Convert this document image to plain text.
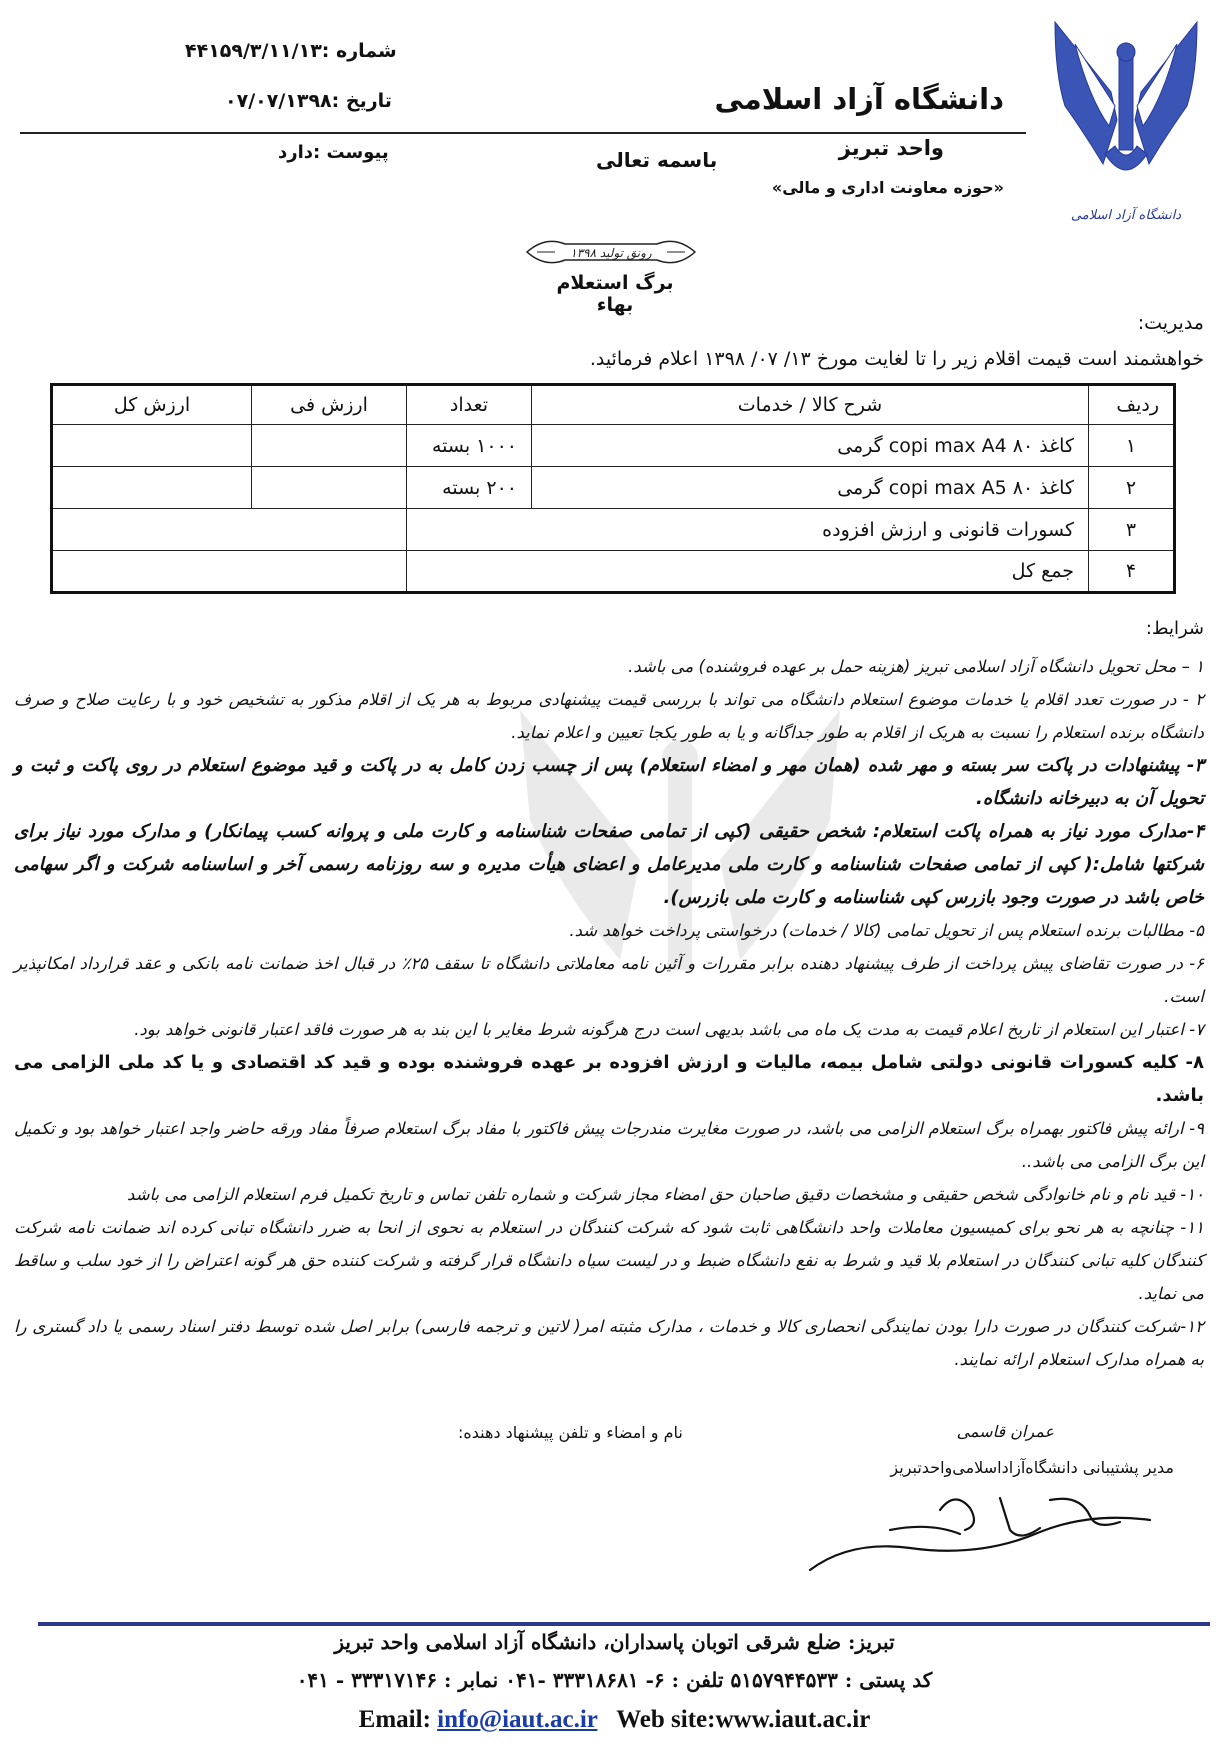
دانشگاه آزاد اسلامی
دانشگاه آزاد اسلامی
واحد تبریز
«حوزه معاونت اداری و مالی»
باسمه تعالی
شماره :۴۴۱۵۹/۳/۱۱/۱۳
تاریخ :۰۷/۰۷/۱۳۹۸
پیوست :دارد
رونق تولید ۱۳۹۸
برگ استعلام بهاء
مدیریت:
خواهشمند است قیمت اقلام زیر را تا لغایت مورخ ۱۳/ ۰۷/ ۱۳۹۸ اعلام فرمائید.
ردیف	شرح کالا / خدمات	تعداد	ارزش فی	ارزش کل
۱	کاغذ copi max A4 ۸۰ گرمی	۱۰۰۰ بسته		
۲	کاغذ copi max A5 ۸۰ گرمی	۲۰۰ بسته		
۳	کسورات قانونی و ارزش افزوده			
۴	جمع کل			
شرایط:

۱ – محل تحویل دانشگاه آزاد اسلامی تبریز (هزینه حمل بر عهده فروشنده) می باشد.

۲ - در صورت تعدد اقلام یا خدمات موضوع استعلام دانشگاه می تواند با بررسی قیمت پیشنهادی مربوط به هر یک از اقلام مذکور به تشخیص خود و با رعایت صلاح و صرف دانشگاه برنده استعلام را نسبت به هریک از اقلام به طور جداگانه و یا به طور یکجا تعیین و اعلام نماید.

۳- پیشنهادات در پاکت سر بسته و مهر شده (همان مهر و امضاء استعلام) پس از چسب زدن کامل به در پاکت و قید موضوع استعلام در روی پاکت و ثبت و تحویل آن به دبیرخانه دانشگاه.

۴-مدارک مورد نیاز به همراه پاکت استعلام: شخص حقیقی (کپی از تمامی صفحات شناسنامه و کارت ملی و پروانه کسب پیمانکار) و مدارک مورد نیاز برای شرکتها شامل:( کپی از تمامی صفحات شناسنامه و کارت ملی مدیرعامل و اعضای هیأت مدیره و سه روزنامه رسمی آخر و اساسنامه شرکت و اگر سهامی خاص باشد در صورت وجود بازرس کپی شناسنامه و کارت ملی بازرس).

۵- مطالبات برنده استعلام پس از تحویل تمامی (کالا / خدمات) درخواستی پرداخت خواهد شد.

۶- در صورت تقاضای پیش پرداخت از طرف پیشنهاد دهنده برابر مقررات و آئین نامه معاملاتی دانشگاه تا سقف ۲۵٪ در قبال اخذ ضمانت نامه بانکی و عقد قرارداد امکانپذیر است.

۷- اعتبار این استعلام از تاریخ اعلام قیمت به مدت یک ماه می باشد بدیهی است درج هرگونه شرط مغایر با این بند به هر صورت فاقد اعتبار قانونی خواهد بود.

۸- کلیه کسورات قانونی دولتی شامل بیمه، مالیات و ارزش افزوده بر عهده فروشنده بوده و قید کد اقتصادی و یا کد ملی الزامی می باشد.

۹- ارائه پیش فاکتور بهمراه برگ استعلام الزامی می باشد، در صورت مغایرت مندرجات پیش فاکتور با مفاد برگ استعلام صرفاً مفاد ورقه حاضر واجد اعتبار خواهد بود و تکمیل این برگ الزامی می باشد..

۱۰- قید نام و نام خانوادگی شخص حقیقی و مشخصات دقیق صاحبان حق امضاء مجاز شرکت و شماره تلفن تماس و تاریخ تکمیل فرم استعلام الزامی می باشد

۱۱- چنانچه به هر نحو برای کمیسیون معاملات واحد دانشگاهی ثابت شود که شرکت کنندگان در استعلام به نحوی از انحا به ضرر دانشگاه تبانی کرده اند ضمانت نامه شرکت کنندگان کلیه تبانی کنندگان در استعلام بلا قید و شرط به نفع دانشگاه ضبط و در لیست سیاه دانشگاه قرار گرفته و شرکت کننده حق هر گونه اعتراض را از خود سلب و ساقط می نماید.

۱۲-شرکت کنندگان در صورت دارا بودن نمایندگی انحصاری کالا و خدمات ، مدارک مثبته امر( لاتین و ترجمه فارسی) برابر اصل شده توسط دفتر اسناد رسمی یا داد گستری را به همراه مدارک استعلام ارائه نمایند.

نام و امضاء و تلفن پیشنهاد دهنده:	عمران قاسمی
مدیر پشتیبانی دانشگاه‌آزاداسلامی‌واحدتبریز
تبریز: ضلع شرقی اتوبان پاسداران، دانشگاه آزاد اسلامی واحد تبریز
کد پستی : ۵۱۵۷۹۴۴۵۳۳ تلفن : ۶- ۳۳۳۱۸۶۸۱ -۰۴۱ نمابر : ۳۳۳۱۷۱۴۶ - ۰۴۱
Email: info@iaut.ac.ir Web site:www.iaut.ac.ir
